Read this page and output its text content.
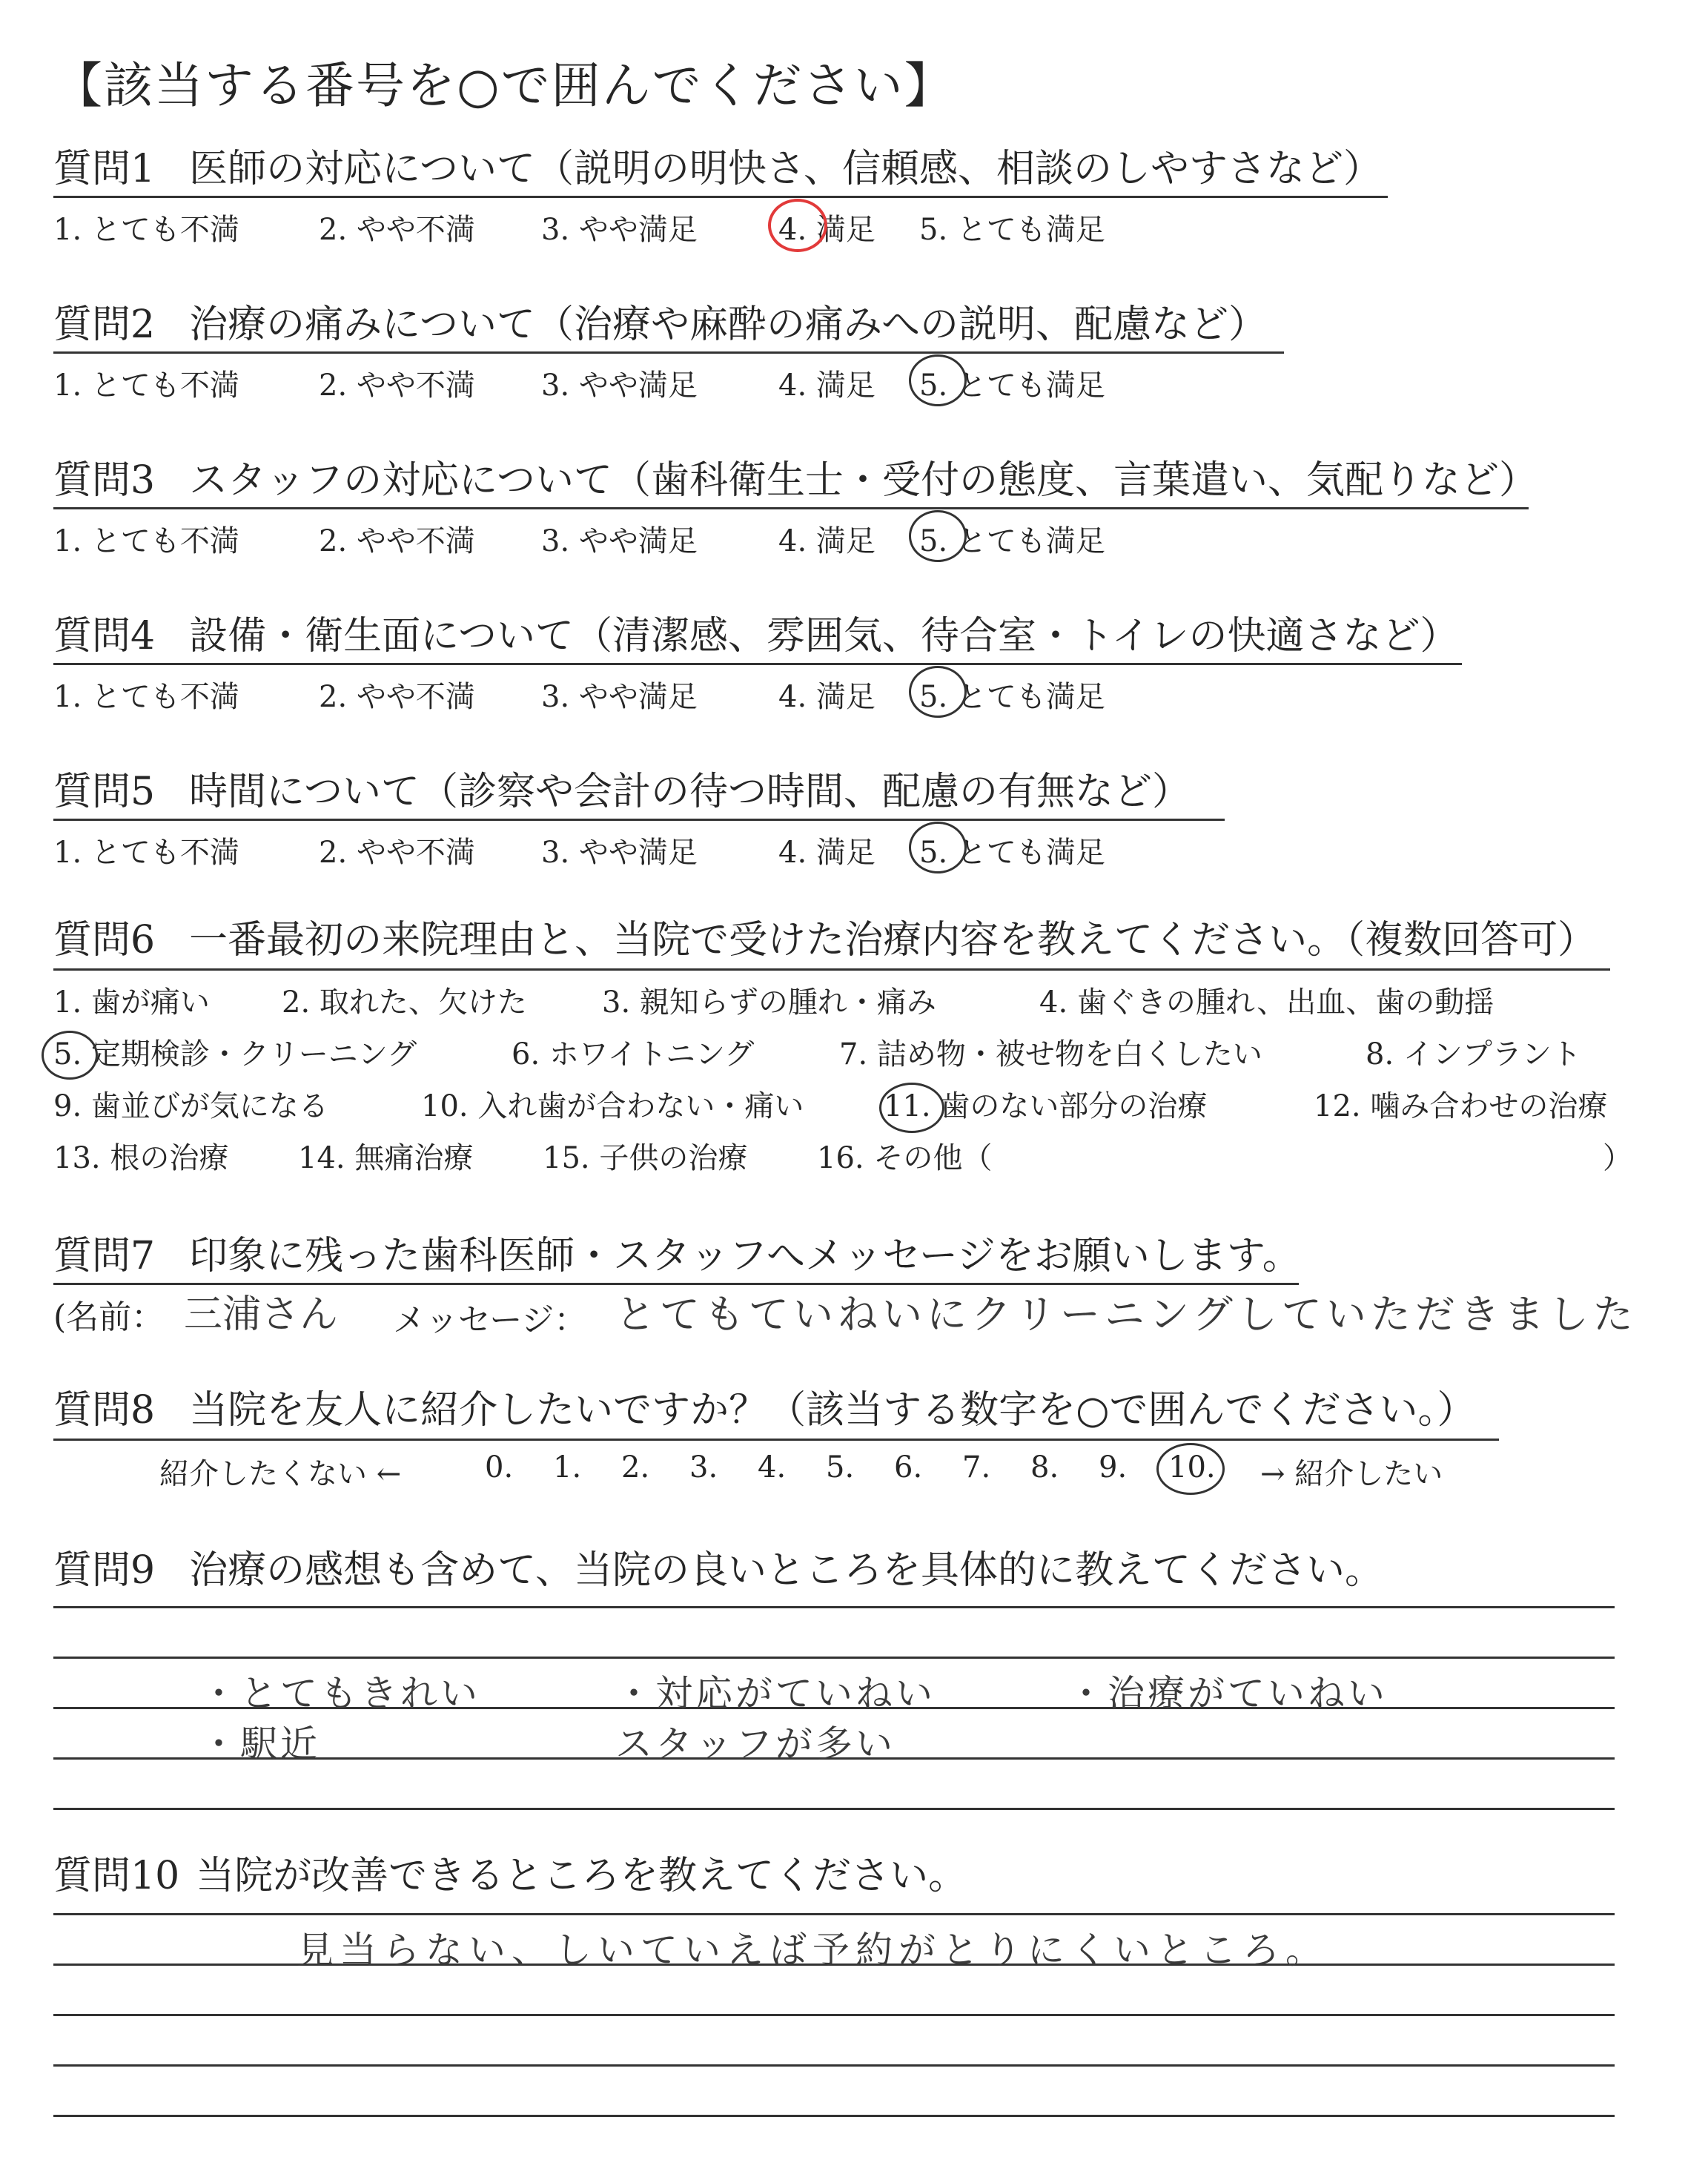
【該当する番号を○で囲んでください】
質問1 医師の対応について（説明の明快さ、信頼感、相談のしやすさなど）
1. とても不満	2. やや不満 3. やや満足	4. 満足 5. とても満足
質問2 治療の痛みについて（治療や麻酔の痛みへの説明、配慮など）
1. とても不満	2. やや不満 3. やや満足	4. 満足 5. とても満足
質問3 スタッフの対応について（歯科衛生士・受付の態度、言葉遣い、気配りなど）
1. とても不満	2. やや不満 3. やや満足	4. 満足 5. とても満足
質問4 設備・衛生面について（清潔感、雰囲気、待合室・トイレの快適さなど）
1. とても不満	2. やや不満 3. やや満足	4. 満足 5. とても満足
質問5 時間について（診察や会計の待つ時間、配慮の有無など）
1. とても不満	2. やや不満 3. やや満足	4. 満足 5. とても満足
質問6 一番最初の来院理由と、当院で受けた治療内容を教えてください。（複数回答可）
1. 歯が痛い 2. 取れた、欠けた	3. 親知らずの腫れ・痛み	4. 歯ぐきの腫れ、出血、歯の動揺
5. 定期検診・クリーニング	6. ホワイトニング	7. 詰め物・被せ物を白くしたい	8. インプラント
9. 歯並びが気になる	10. 入れ歯が合わない・痛い	11. 歯のない部分の治療	12. 噛み合わせの治療
13. 根の治療 14. 無痛治療 15. 子供の治療 16. その他（	）
質問7 印象に残った歯科医師・スタッフへメッセージをお願いします。
(名前： 三浦さん メッセージ： とてもていねいにクリーニングしていただきました
質問8 当院を友人に紹介したいですか？（該当する数字を○で囲んでください。）
紹介したくない ←	0. 1. 2. 3. 4. 5. 6. 7. 8. 9. 10. → 紹介したい
質問9 治療の感想も含めて、当院の良いところを具体的に教えてください。
・とてもきれい	・対応がていねい	・治療がていねい
・駅近	スタッフが多い
質問10 当院が改善できるところを教えてください。
見当らない、しいていえば予約がとりにくいところ。
